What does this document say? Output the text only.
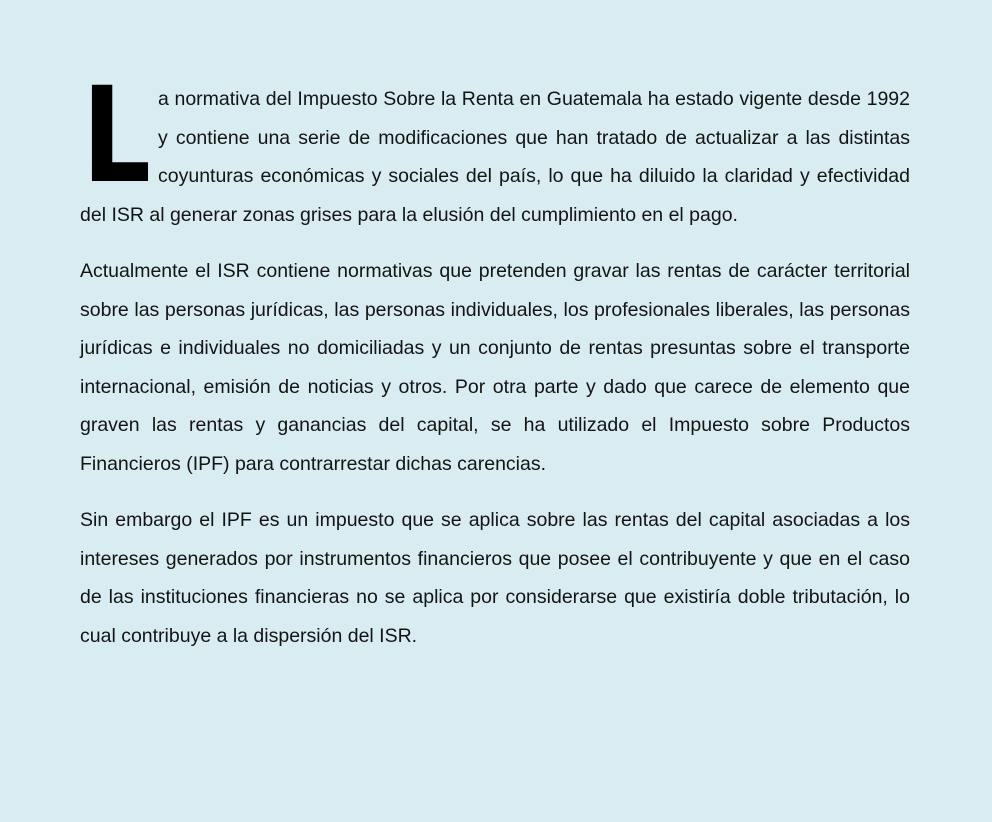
L a normativa del Impuesto Sobre la Renta en Guatemala ha estado vigente desde 1992 y contiene una serie de modificaciones que han tratado de actualizar a las distintas coyunturas económicas y sociales del país, lo que ha diluido la claridad y efectividad del ISR al generar zonas grises para la elusión del cumplimiento en el pago.

Actualmente el ISR contiene normativas que pretenden gravar las rentas de carácter territorial sobre las personas jurídicas, las personas individuales, los profesionales liberales, las personas jurídicas e individuales no domiciliadas y un conjunto de rentas presuntas sobre el transporte internacional, emisión de noticias y otros. Por otra parte y dado que carece de elemento que graven las rentas y ganancias del capital, se ha utilizado el Impuesto sobre Productos Financieros (IPF) para contrarrestar dichas carencias.

Sin embargo el IPF es un impuesto que se aplica sobre las rentas del capital asociadas a los intereses generados por instrumentos financieros que posee el contribuyente y que en el caso de las instituciones financieras no se aplica por considerarse que existiría doble tributación, lo cual contribuye a la dispersión del ISR.
